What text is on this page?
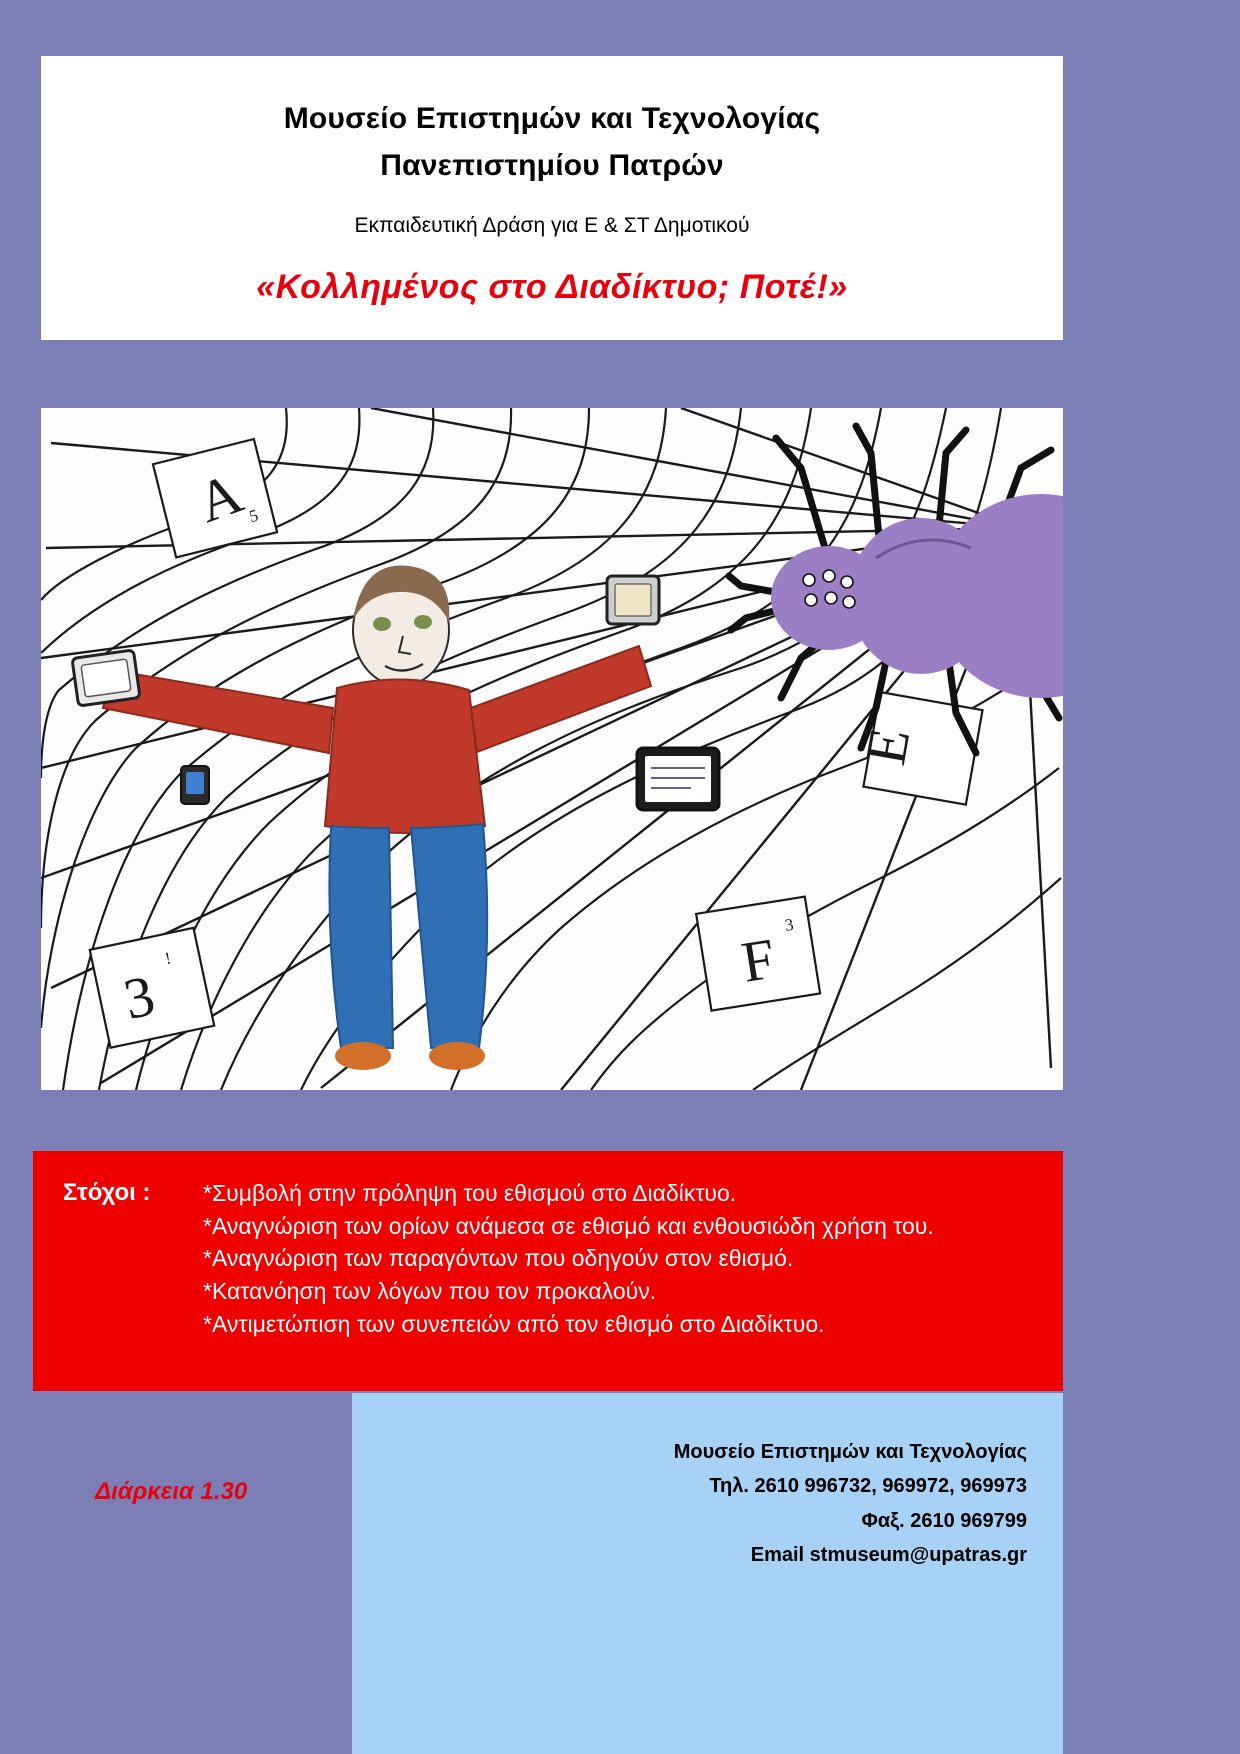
Μουσείο Επιστημών και Τεχνολογίας
Πανεπιστημίου Πατρών
Εκπαιδευτική Δράση για Ε & ΣΤ Δημοτικού
«Κολλημένος στο Διαδίκτυο; Ποτέ!»
A
5
E
F
3
3
!
Στόχοι :	*Συμβολή στην πρόληψη του εθισμού στο Διαδίκτυο.
*Αναγνώριση των ορίων ανάμεσα σε εθισμό και ενθουσιώδη χρήση του.
*Αναγνώριση των παραγόντων που οδηγούν στον εθισμό.
*Κατανόηση των λόγων που τον προκαλούν.
*Αντιμετώπιση των συνεπειών από τον εθισμό στο Διαδίκτυο.
Μουσείο Επιστημών και Τεχνολογίας
Τηλ. 2610 996732, 969972, 969973
Φαξ. 2610 969799
Email stmuseum@upatras.gr
Διάρκεια 1.30
